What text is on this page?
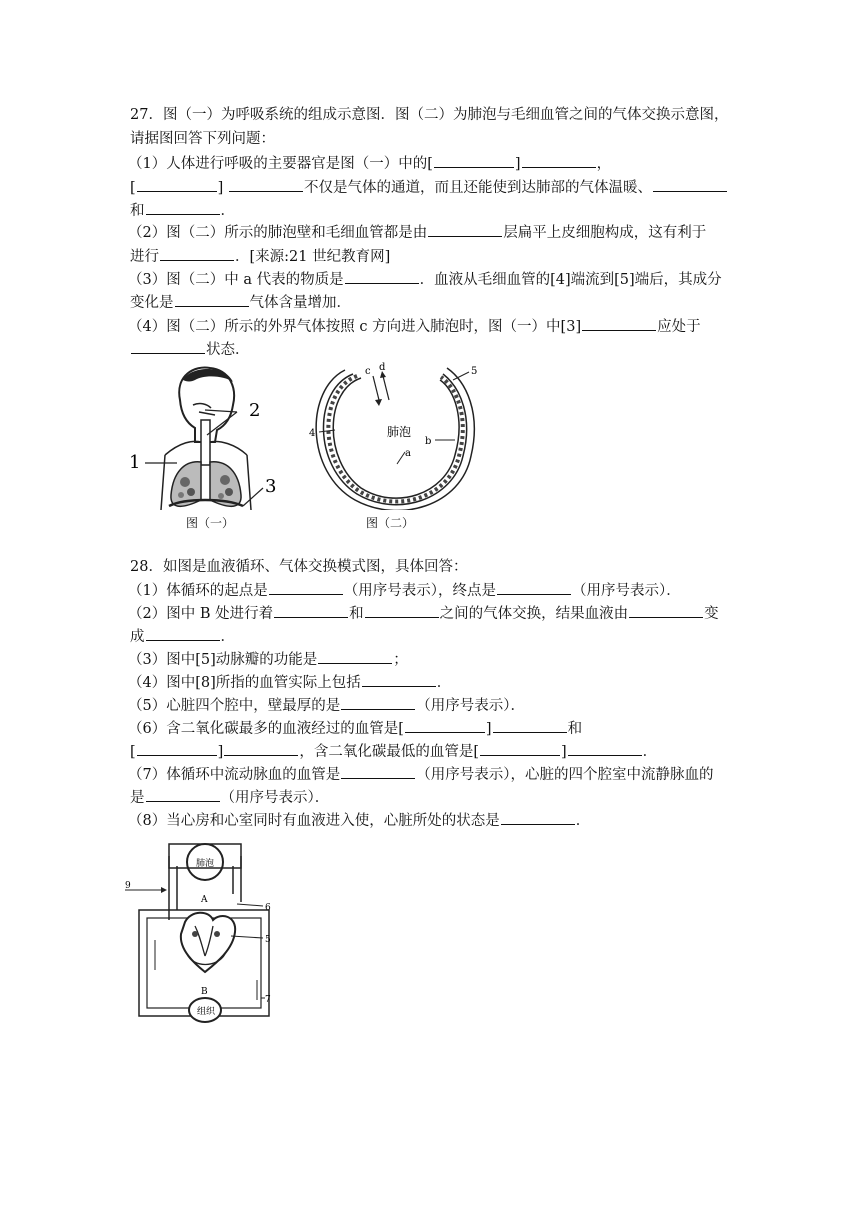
27．图（一）为呼吸系统的组成示意图．图（二）为肺泡与毛细血管之间的气体交换示意图，
请据图回答下列问题：
（1）人体进行呼吸的主要器官是图（一）中的[	]	，
[	]	不仅是气体的通道，而且还能使到达肺部的气体温暖、
和	．
（2）图（二）所示的肺泡壁和毛细血管都是由	层扁平上皮细胞构成，这有利于
进行	．[来源:21 世纪教育网]
（3）图（二）中 a 代表的物质是	．血液从毛细血管的[4]端流到[5]端后，其成分
变化是	气体含量增加．
（4）图（二）所示的外界气体按照 c 方向进入肺泡时，图（一）中[3]	应处于
状态．
1
2
3
图（一）
c d
肺泡
4
5
a
b
图（二）
28．如图是血液循环、气体交换模式图，具体回答：
（1）体循环的起点是	（用序号表示），终点是	（用序号表示）．
（2）图中 B 处进行着	和	之间的气体交换，结果血液由	变
成	．
（3）图中[5]动脉瓣的功能是	；
（4）图中[8]所指的血管实际上包括	．
（5）心脏四个腔中，壁最厚的是	（用序号表示）．
（6）含二氧化碳最多的血液经过的血管是[	]	和
[	]	，含二氧化碳最低的血管是[	]	．
（7）体循环中流动脉血的血管是	（用序号表示），心脏的四个腔室中流静脉血的
是	（用序号表示）．
（8）当心房和心室同时有血液进入使，心脏所处的状态是	．
肺泡
A
组织
B
9
6
5
7
